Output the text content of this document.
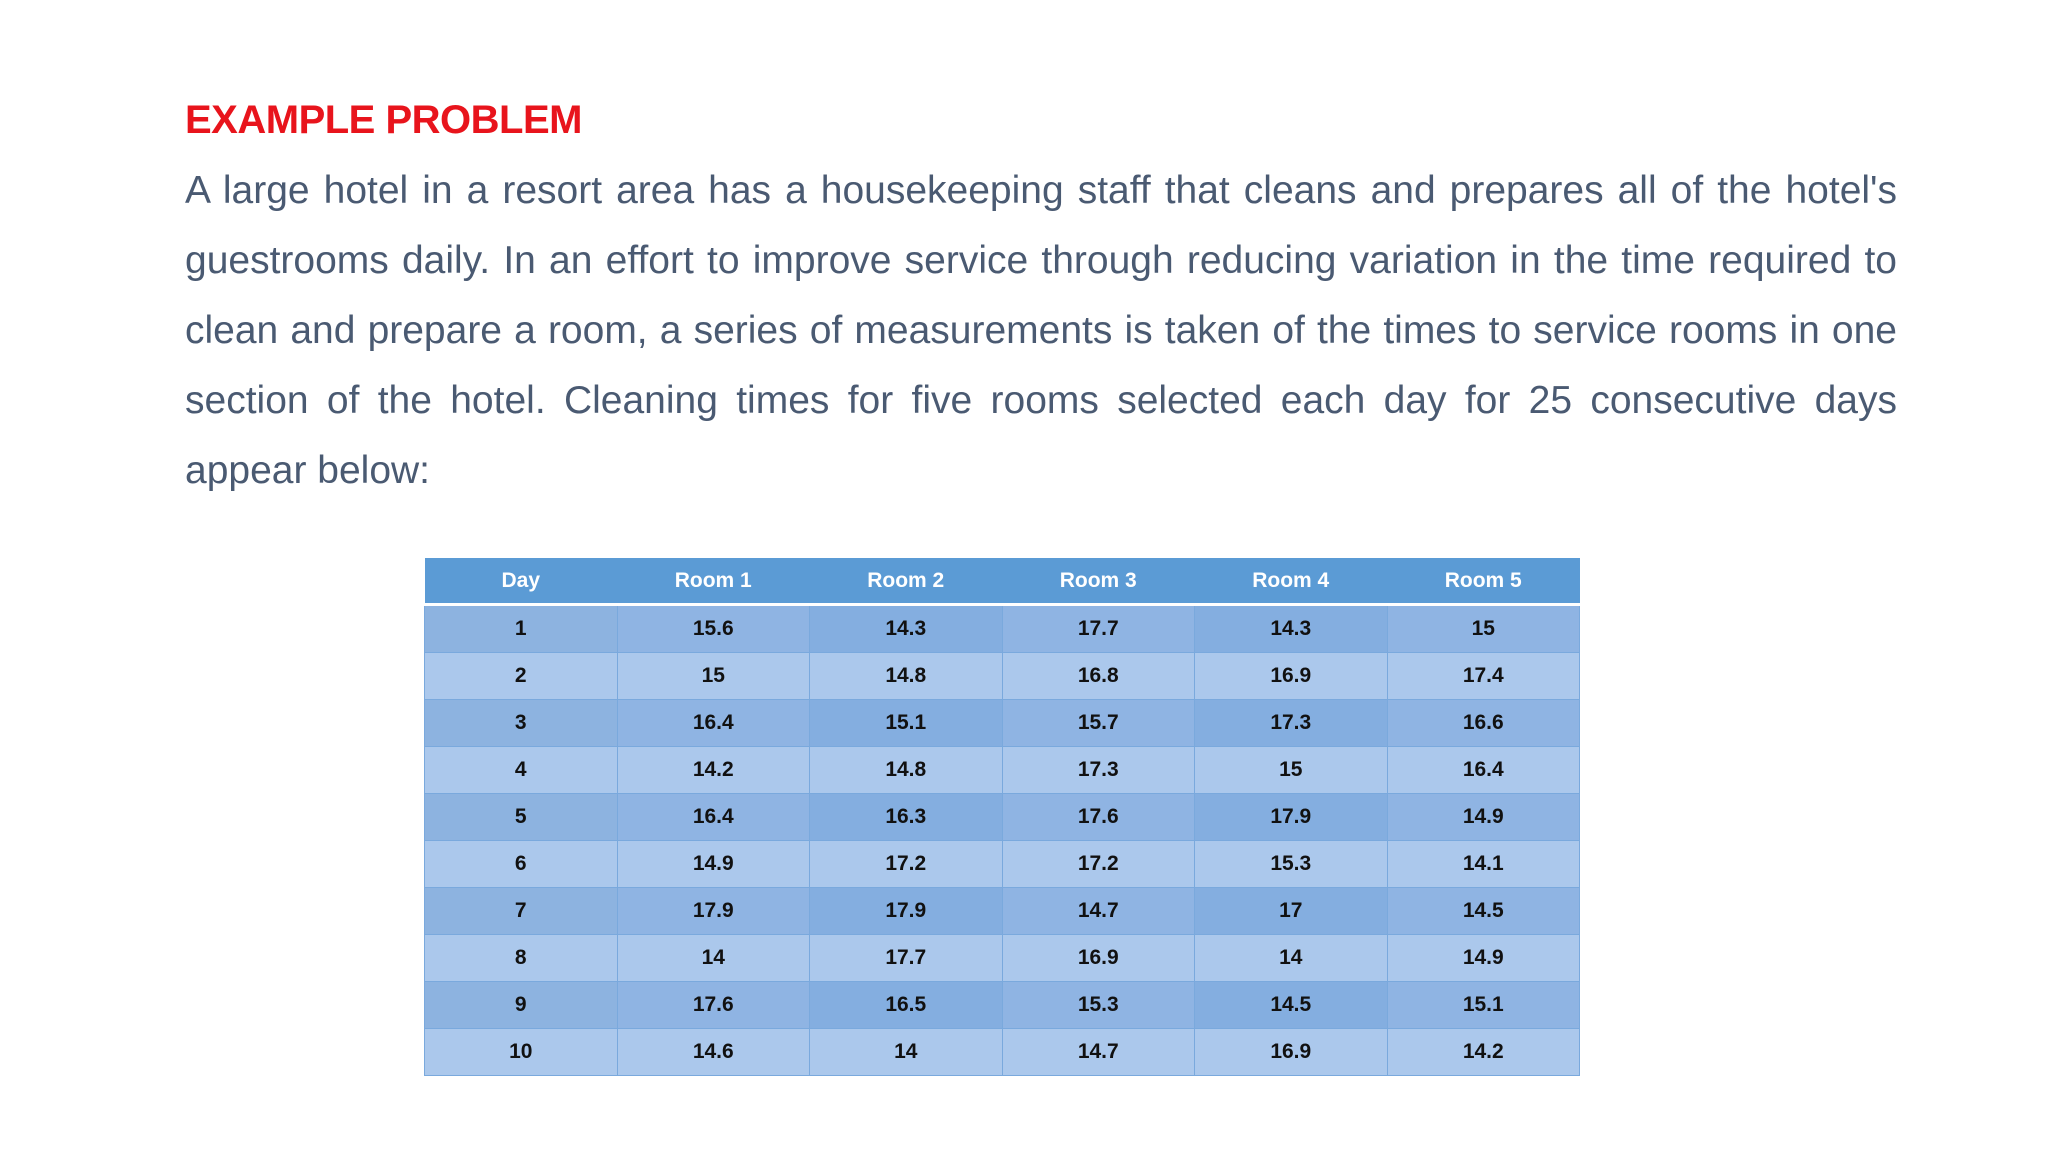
EXAMPLE PROBLEM

A large hotel in a resort area has a housekeeping staff that cleans and prepares all of the hotel's guestrooms daily. In an effort to improve service through reducing variation in the time required to clean and prepare a room, a series of measurements is taken of the times to service rooms in one section of the hotel. Cleaning times for five rooms selected each day for 25 consecutive days appear below:

Day	Room 1	Room 2	Room 3	Room 4	Room 5
1	15.6	14.3	17.7	14.3	15
2	15	14.8	16.8	16.9	17.4
3	16.4	15.1	15.7	17.3	16.6
4	14.2	14.8	17.3	15	16.4
5	16.4	16.3	17.6	17.9	14.9
6	14.9	17.2	17.2	15.3	14.1
7	17.9	17.9	14.7	17	14.5
8	14	17.7	16.9	14	14.9
9	17.6	16.5	15.3	14.5	15.1
10	14.6	14	14.7	16.9	14.2
